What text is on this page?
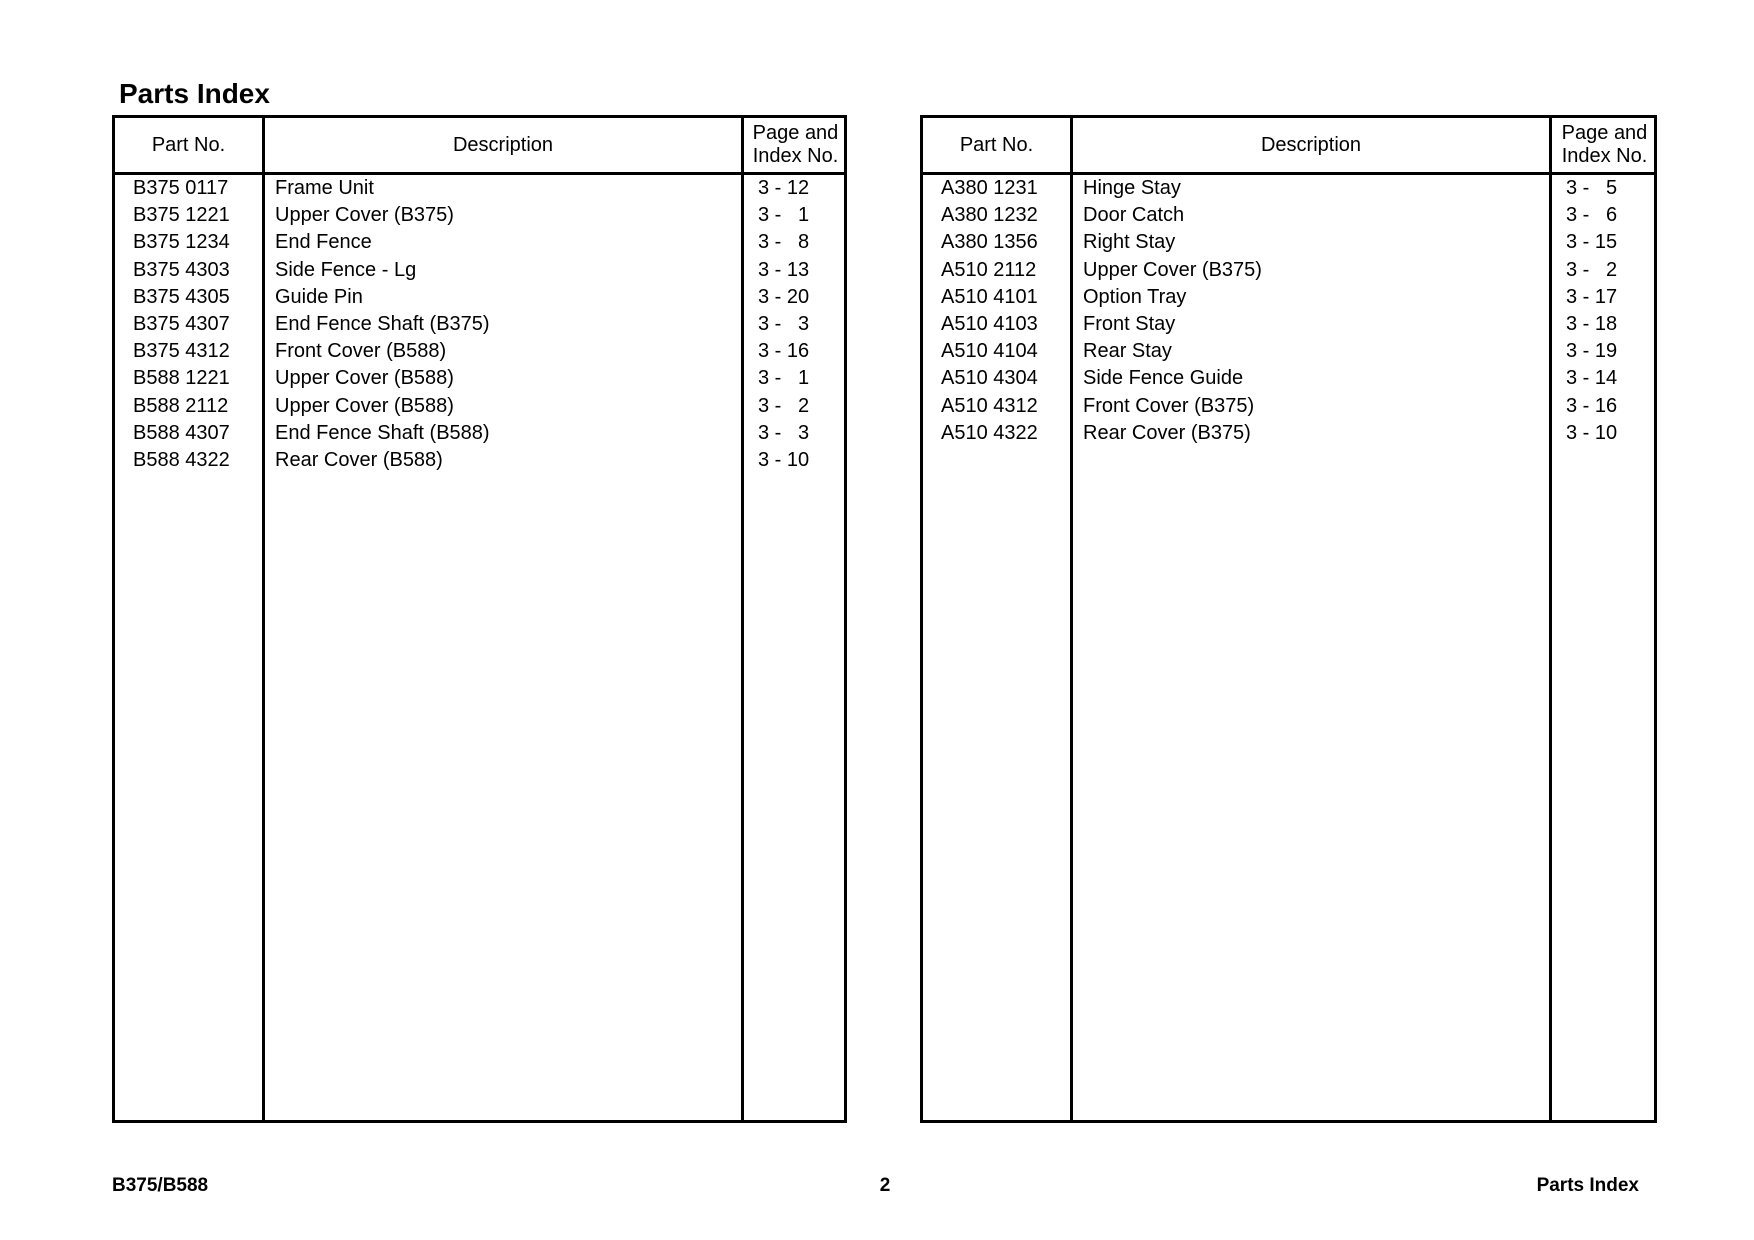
Parts Index
Part No.	Description
Page and
Index No.
B375 0117 Frame Unit	3 - 12
B375 1221 Upper Cover (B375)	3 -   1
B375 1234 End Fence	3 -   8
B375 4303 Side Fence - Lg	3 - 13
B375 4305 Guide Pin	3 - 20
B375 4307 End Fence Shaft (B375)	3 -   3
B375 4312 Front Cover (B588)	3 - 16
B588 1221 Upper Cover (B588)	3 -   1
B588 2112 Upper Cover (B588)	3 -   2
B588 4307 End Fence Shaft (B588)	3 -   3
B588 4322 Rear Cover (B588)	3 - 10
Part No.	Description
Page and
Index No.
A380 1231 Hinge Stay	3 -   5
A380 1232 Door Catch	3 -   6
A380 1356 Right Stay	3 - 15
A510 2112 Upper Cover (B375)	3 -   2
A510 4101 Option Tray	3 - 17
A510 4103 Front Stay	3 - 18
A510 4104 Rear Stay	3 - 19
A510 4304 Side Fence Guide	3 - 14
A510 4312 Front Cover (B375)	3 - 16
A510 4322 Rear Cover (B375)	3 - 10
B375/B588	2	Parts Index
